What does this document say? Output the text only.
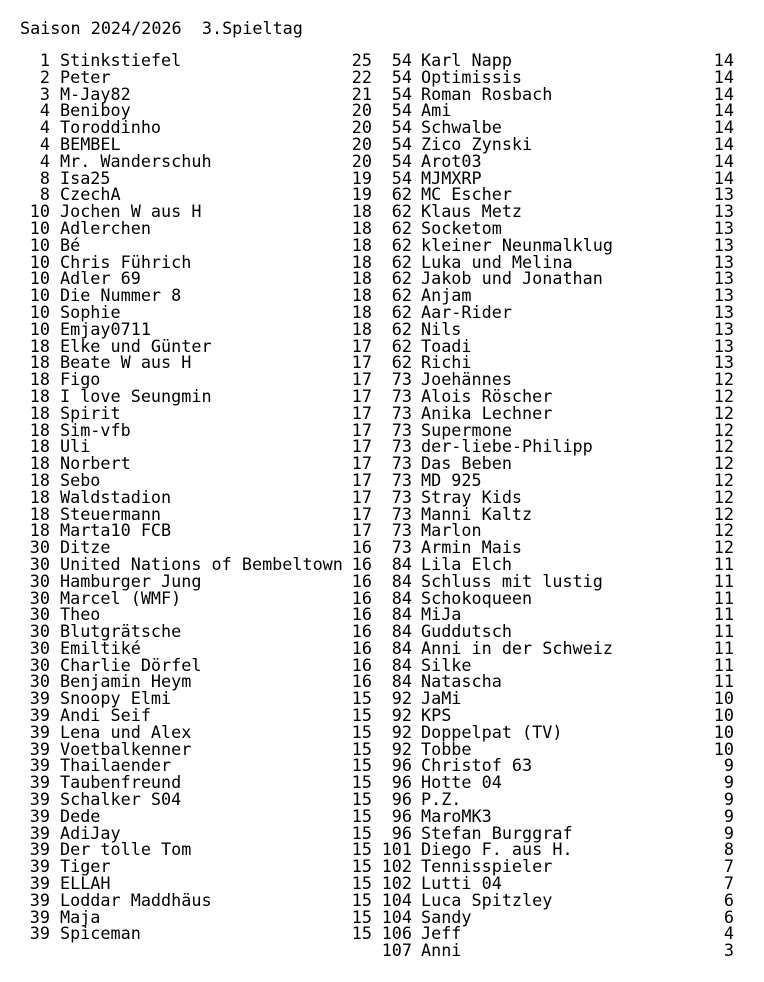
Saison 2024/2026  3.Spieltag
1 Stinkstiefel	25
2 Peter	22
3 M-Jay82	21
4 Beniboy	20
4 Toroddinho	20
4 BEMBEL	20
4 Mr. Wanderschuh	20
8 Isa25	19
8 CzechA	19
10 Jochen W aus H	18
10 Adlerchen	18
10 Bé	18
10 Chris Führich	18
10 Adler 69	18
10 Die Nummer 8	18
10 Sophie	18
10 Emjay0711	18
18 Elke und Günter	17
18 Beate W aus H	17
18 Figo	17
18 I love Seungmin	17
18 Spirit	17
18 Sim-vfb	17
18 Uli	17
18 Norbert	17
18 Sebo	17
18 Waldstadion	17
18 Steuermann	17
18 Marta10 FCB	17
30 Ditze	16
30 United Nations of Bembeltown 16
30 Hamburger Jung	16
30 Marcel (WMF)	16
30 Theo	16
30 Blutgrätsche	16
30 Emiltiké	16
30 Charlie Dörfel	16
30 Benjamin Heym	16
39 Snoopy Elmi	15
39 Andi Seif	15
39 Lena und Alex	15
39 Voetbalkenner	15
39 Thailaender	15
39 Taubenfreund	15
39 Schalker S04	15
39 Dede	15
39 AdiJay	15
39 Der tolle Tom	15
39 Tiger	15
39 ELLAH	15
39 Loddar Maddhäus	15
39 Maja	15
39 Spiceman	15
54 Karl Napp	14
54 Optimissis	14
54 Roman Rosbach	14
54 Ami	14
54 Schwalbe	14
54 Zico Zynski	14
54 Arot03	14
54 MJMXRP	14
62 MC Escher	13
62 Klaus Metz	13
62 Socketom	13
62 kleiner Neunmalklug	13
62 Luka und Melina	13
62 Jakob und Jonathan	13
62 Anjam	13
62 Aar-Rider	13
62 Nils	13
62 Toadi	13
62 Richi	13
73 Joehännes	12
73 Alois Röscher	12
73 Anika Lechner	12
73 Supermone	12
73 der-liebe-Philipp	12
73 Das Beben	12
73 MD 925	12
73 Stray Kids	12
73 Manni Kaltz	12
73 Marlon	12
73 Armin Mais	12
84 Lila Elch	11
84 Schluss mit lustig	11
84 Schokoqueen	11
84 MiJa	11
84 Guddutsch	11
84 Anni in der Schweiz	11
84 Silke	11
84 Natascha	11
92 JaMi	10
92 KPS	10
92 Doppelpat (TV)	10
92 Tobbe	10
96 Christof 63	9
96 Hotte 04	9
96 P.Z.	9
96 MaroMK3	9
96 Stefan Burggraf	9
101 Diego F. aus H.	8
102 Tennisspieler	7
102 Lutti 04	7
104 Luca Spitzley	6
104 Sandy	6
106 Jeff	4
107 Anni	3
